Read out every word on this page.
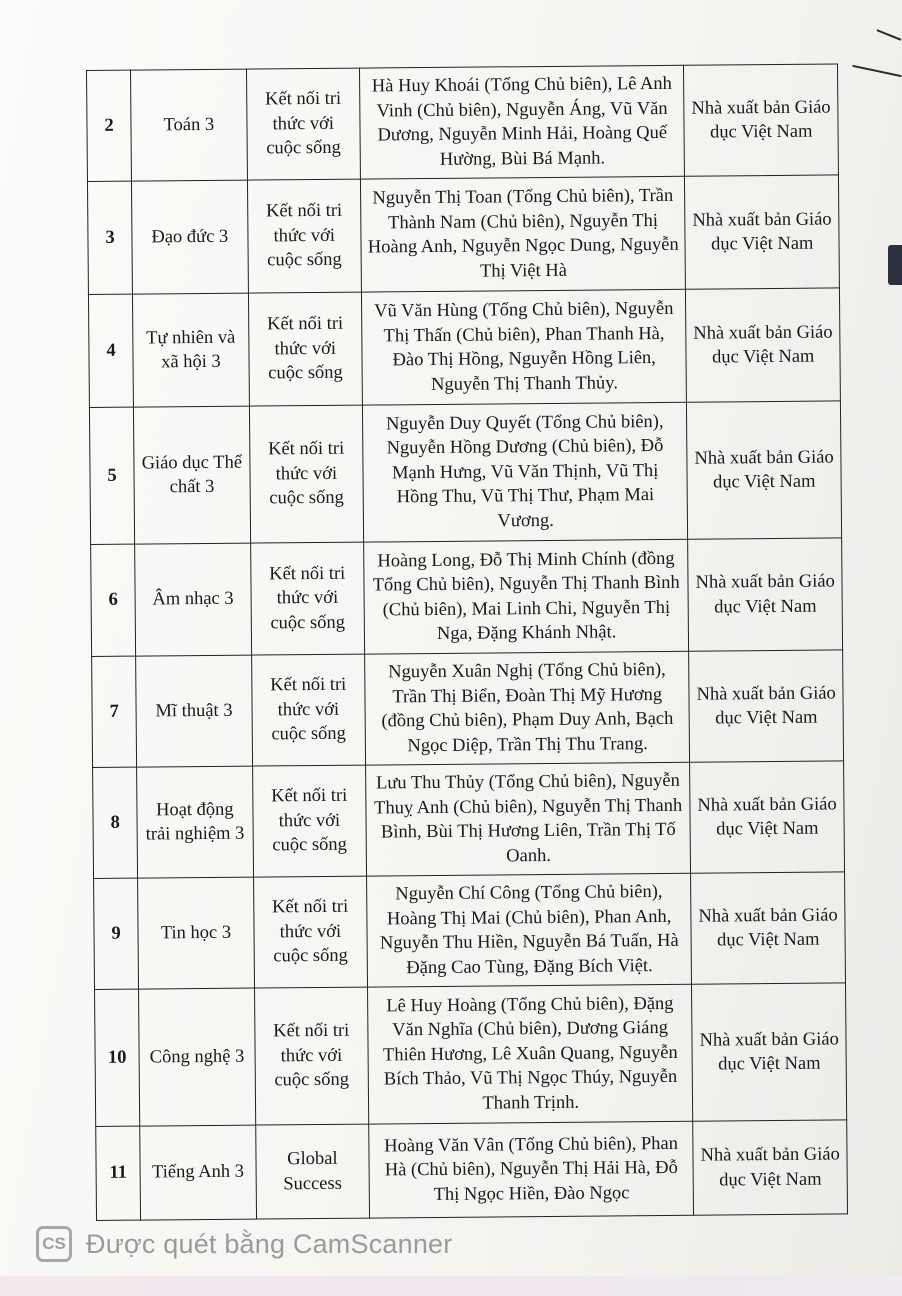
2	Toán 3	Kết nối tri thức với cuộc sống	Hà Huy Khoái (Tổng Chủ biên), Lê Anh Vinh (Chủ biên), Nguyễn Áng, Vũ Văn Dương, Nguyễn Minh Hải, Hoàng Quế Hường, Bùi Bá Mạnh.	Nhà xuất bản Giáo dục Việt Nam
3	Đạo đức 3	Kết nối tri thức với cuộc sống	Nguyễn Thị Toan (Tổng Chủ biên), Trần Thành Nam (Chủ biên), Nguyễn Thị Hoàng Anh, Nguyễn Ngọc Dung, Nguyễn Thị Việt Hà	Nhà xuất bản Giáo dục Việt Nam
4	Tự nhiên và xã hội 3	Kết nối tri thức với cuộc sống	Vũ Văn Hùng (Tổng Chủ biên), Nguyễn Thị Thấn (Chủ biên), Phan Thanh Hà, Đào Thị Hồng, Nguyễn Hồng Liên, Nguyễn Thị Thanh Thủy.	Nhà xuất bản Giáo dục Việt Nam
5	Giáo dục Thể chất 3	Kết nối tri thức với cuộc sống	Nguyễn Duy Quyết (Tổng Chủ biên), Nguyễn Hồng Dương (Chủ biên), Đỗ Mạnh Hưng, Vũ Văn Thịnh, Vũ Thị Hồng Thu, Vũ Thị Thư, Phạm Mai Vương.	Nhà xuất bản Giáo dục Việt Nam
6	Âm nhạc 3	Kết nối tri thức với cuộc sống	Hoàng Long, Đỗ Thị Minh Chính (đồng Tổng Chủ biên), Nguyễn Thị Thanh Bình (Chủ biên), Mai Linh Chi, Nguyễn Thị Nga, Đặng Khánh Nhật.	Nhà xuất bản Giáo dục Việt Nam
7	Mĩ thuật 3	Kết nối tri thức với cuộc sống	Nguyễn Xuân Nghị (Tổng Chủ biên), Trần Thị Biển, Đoàn Thị Mỹ Hương (đồng Chủ biên), Phạm Duy Anh, Bạch Ngọc Diệp, Trần Thị Thu Trang.	Nhà xuất bản Giáo dục Việt Nam
8	Hoạt động trải nghiệm 3	Kết nối tri thức với cuộc sống	Lưu Thu Thủy (Tổng Chủ biên), Nguyễn Thuỵ Anh (Chủ biên), Nguyễn Thị Thanh Bình, Bùi Thị Hương Liên, Trần Thị Tố Oanh.	Nhà xuất bản Giáo dục Việt Nam
9	Tin học 3	Kết nối tri thức với cuộc sống	Nguyễn Chí Công (Tổng Chủ biên), Hoàng Thị Mai (Chủ biên), Phan Anh, Nguyễn Thu Hiền, Nguyễn Bá Tuấn, Hà Đặng Cao Tùng, Đặng Bích Việt.	Nhà xuất bản Giáo dục Việt Nam
10	Công nghệ 3	Kết nối tri thức với cuộc sống	Lê Huy Hoàng (Tổng Chủ biên), Đặng Văn Nghĩa (Chủ biên), Dương Giáng Thiên Hương, Lê Xuân Quang, Nguyễn Bích Thảo, Vũ Thị Ngọc Thúy, Nguyễn Thanh Trịnh.	Nhà xuất bản Giáo dục Việt Nam
11	Tiếng Anh 3	Global Success	Hoàng Văn Vân (Tổng Chủ biên), Phan Hà (Chủ biên), Nguyễn Thị Hải Hà, Đỗ Thị Ngọc Hiền, Đào Ngọc	Nhà xuất bản Giáo dục Việt Nam
CS Được quét bằng CamScanner
